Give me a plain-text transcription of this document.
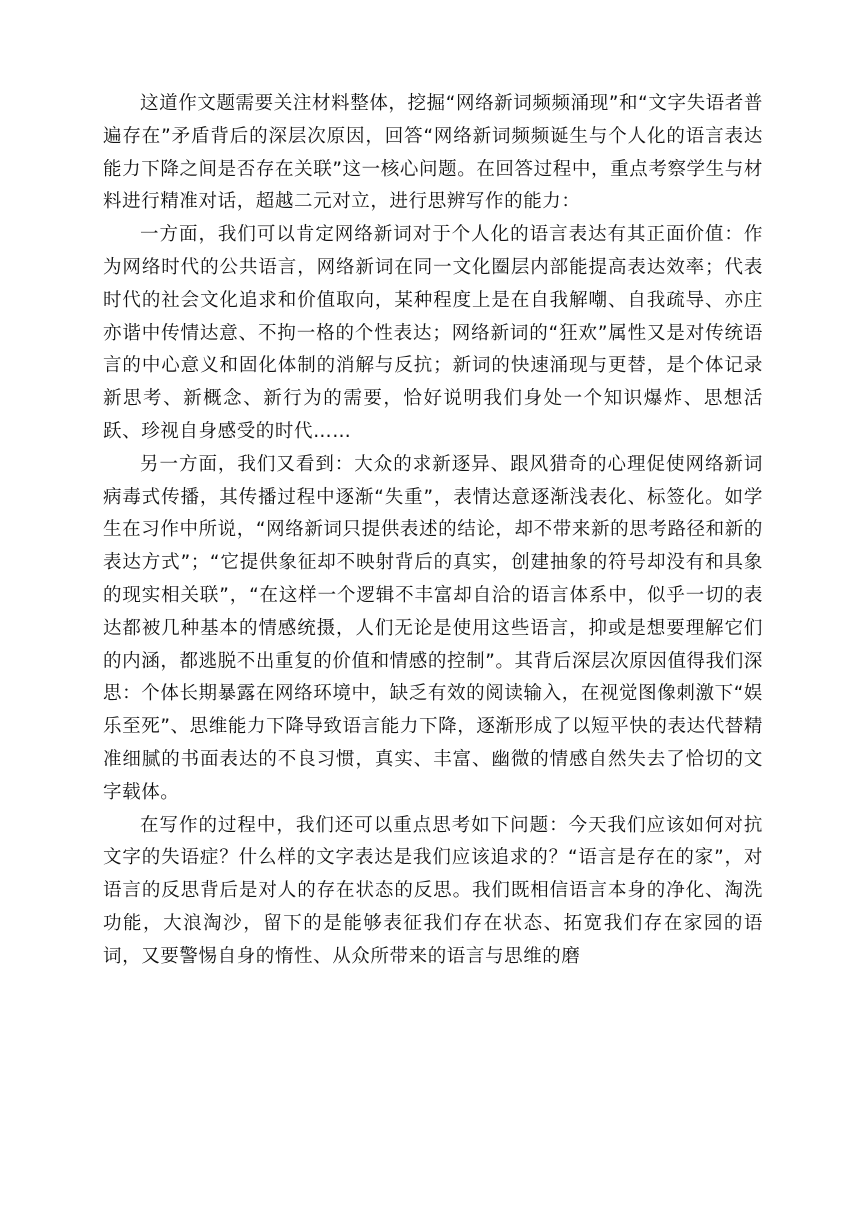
这道作文题需要关注材料整体，挖掘“网络新词频频涌现”和“文字失语者普遍存在”矛盾背后的深层次原因，回答“网络新词频频诞生与个人化的语言表达能力下降之间是否存在关联”这一核心问题。在回答过程中，重点考察学生与材料进行精准对话，超越二元对立，进行思辨写作的能力：

一方面，我们可以肯定网络新词对于个人化的语言表达有其正面价值：作为网络时代的公共语言，网络新词在同一文化圈层内部能提高表达效率；代表时代的社会文化追求和价值取向，某种程度上是在自我解嘲、自我疏导、亦庄亦谐中传情达意、不拘一格的个性表达；网络新词的“狂欢”属性又是对传统语言的中心意义和固化体制的消解与反抗；新词的快速涌现与更替，是个体记录新思考、新概念、新行为的需要，恰好说明我们身处一个知识爆炸、思想活跃、珍视自身感受的时代……

另一方面，我们又看到：大众的求新逐异、跟风猎奇的心理促使网络新词病毒式传播，其传播过程中逐渐“失重”，表情达意逐渐浅表化、标签化。如学生在习作中所说，“网络新词只提供表述的结论，却不带来新的思考路径和新的表达方式”；“它提供象征却不映射背后的真实，创建抽象的符号却没有和具象的现实相关联”，“在这样一个逻辑不丰富却自洽的语言体系中，似乎一切的表达都被几种基本的情感统摄，人们无论是使用这些语言，抑或是想要理解它们的内涵，都逃脱不出重复的价值和情感的控制”。其背后深层次原因值得我们深思：个体长期暴露在网络环境中，缺乏有效的阅读输入，在视觉图像刺激下“娱乐至死”、思维能力下降导致语言能力下降，逐渐形成了以短平快的表达代替精准细腻的书面表达的不良习惯，真实、丰富、幽微的情感自然失去了恰切的文字载体。

在写作的过程中，我们还可以重点思考如下问题：今天我们应该如何对抗文字的失语症？什么样的文字表达是我们应该追求的？“语言是存在的家”，对语言的反思背后是对人的存在状态的反思。我们既相信语言本身的净化、淘洗功能，大浪淘沙，留下的是能够表征我们存在状态、拓宽我们存在家园的语词，又要警惕自身的惰性、从众所带来的语言与思维的磨
